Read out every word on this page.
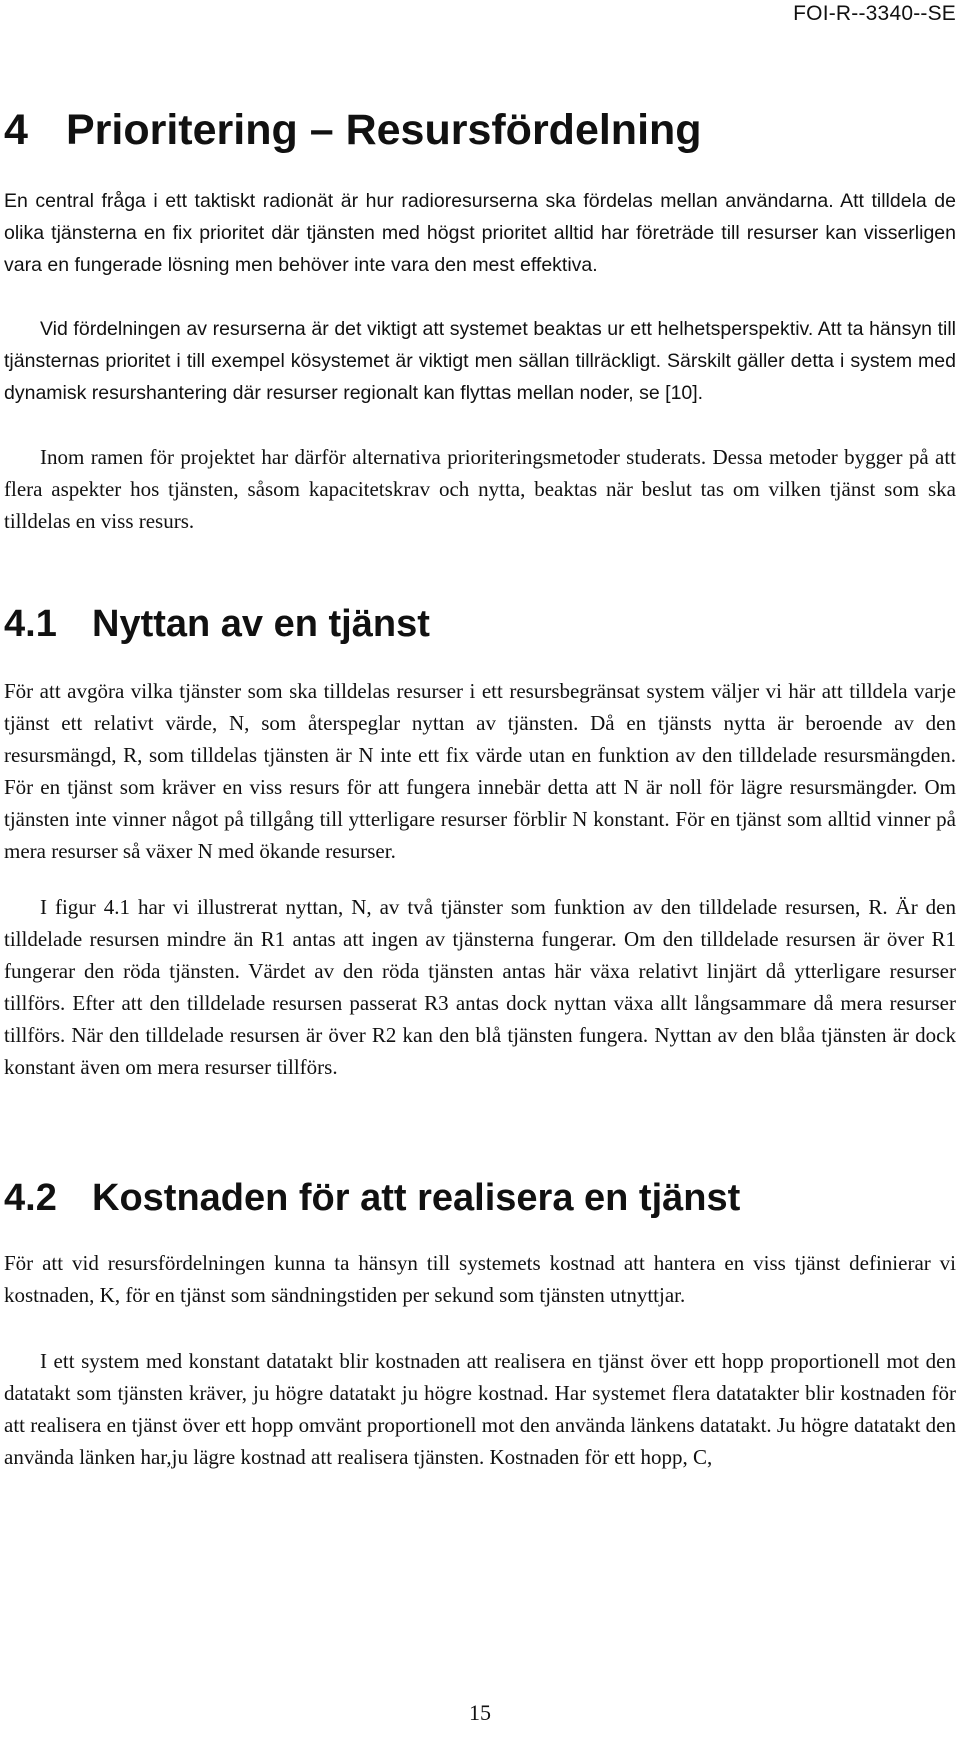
FOI-R--3340--SE
4 Prioritering – Resursfördelning

En central fråga i ett taktiskt radionät är hur radioresurserna ska fördelas mellan användarna. Att tilldela de olika tjänsterna en fix prioritet där tjänsten med högst prioritet alltid har företräde till resurser kan visserligen vara en fungerade lösning men behöver inte vara den mest effektiva.

Vid fördelningen av resurserna är det viktigt att systemet beaktas ur ett helhetsperspektiv. Att ta hänsyn till tjänsternas prioritet i till exempel kösystemet är viktigt men sällan tillräckligt. Särskilt gäller detta i system med dynamisk resurshantering där resurser regionalt kan flyttas mellan noder, se [10].

Inom ramen för projektet har därför alternativa prioriteringsmetoder studerats. Dessa metoder bygger på att flera aspekter hos tjänsten, såsom kapacitetskrav och nytta, beaktas när beslut tas om vilken tjänst som ska tilldelas en viss resurs.

4.1 Nyttan av en tjänst

För att avgöra vilka tjänster som ska tilldelas resurser i ett resursbegränsat system väljer vi här att tilldela varje tjänst ett relativt värde, N, som återspeglar nyttan av tjänsten. Då en tjänsts nytta är beroende av den resursmängd, R, som tilldelas tjänsten är N inte ett fix värde utan en funktion av den tilldelade resursmängden. För en tjänst som kräver en viss resurs för att fungera innebär detta att N är noll för lägre resursmängder. Om tjänsten inte vinner något på tillgång till ytterligare resurser förblir N konstant. För en tjänst som alltid vinner på mera resurser så växer N med ökande resurser.

I figur 4.1 har vi illustrerat nyttan, N, av två tjänster som funktion av den tilldelade resursen, R. Är den tilldelade resursen mindre än R1 antas att ingen av tjänsterna fungerar. Om den tilldelade resursen är över R1 fungerar den röda tjänsten. Värdet av den röda tjänsten antas här växa relativt linjärt då ytterligare resurser tillförs. Efter att den tilldelade resursen passerat R3 antas dock nyttan växa allt långsammare då mera resurser tillförs. När den tilldelade resursen är över R2 kan den blå tjänsten fungera. Nyttan av den blåa tjänsten är dock konstant även om mera resurser tillförs.

4.2 Kostnaden för att realisera en tjänst

För att vid resursfördelningen kunna ta hänsyn till systemets kostnad att hantera en viss tjänst definierar vi kostnaden, K, för en tjänst som sändningstiden per sekund som tjänsten utnyttjar.

I ett system med konstant datatakt blir kostnaden att realisera en tjänst över ett hopp proportionell mot den datatakt som tjänsten kräver, ju högre datatakt ju högre kostnad. Har systemet flera datatakter blir kostnaden för att realisera en tjänst över ett hopp omvänt proportionell mot den använda länkens datatakt. Ju högre datatakt den använda länken har,ju lägre kostnad att realisera tjänsten. Kostnaden för ett hopp, C,

15
